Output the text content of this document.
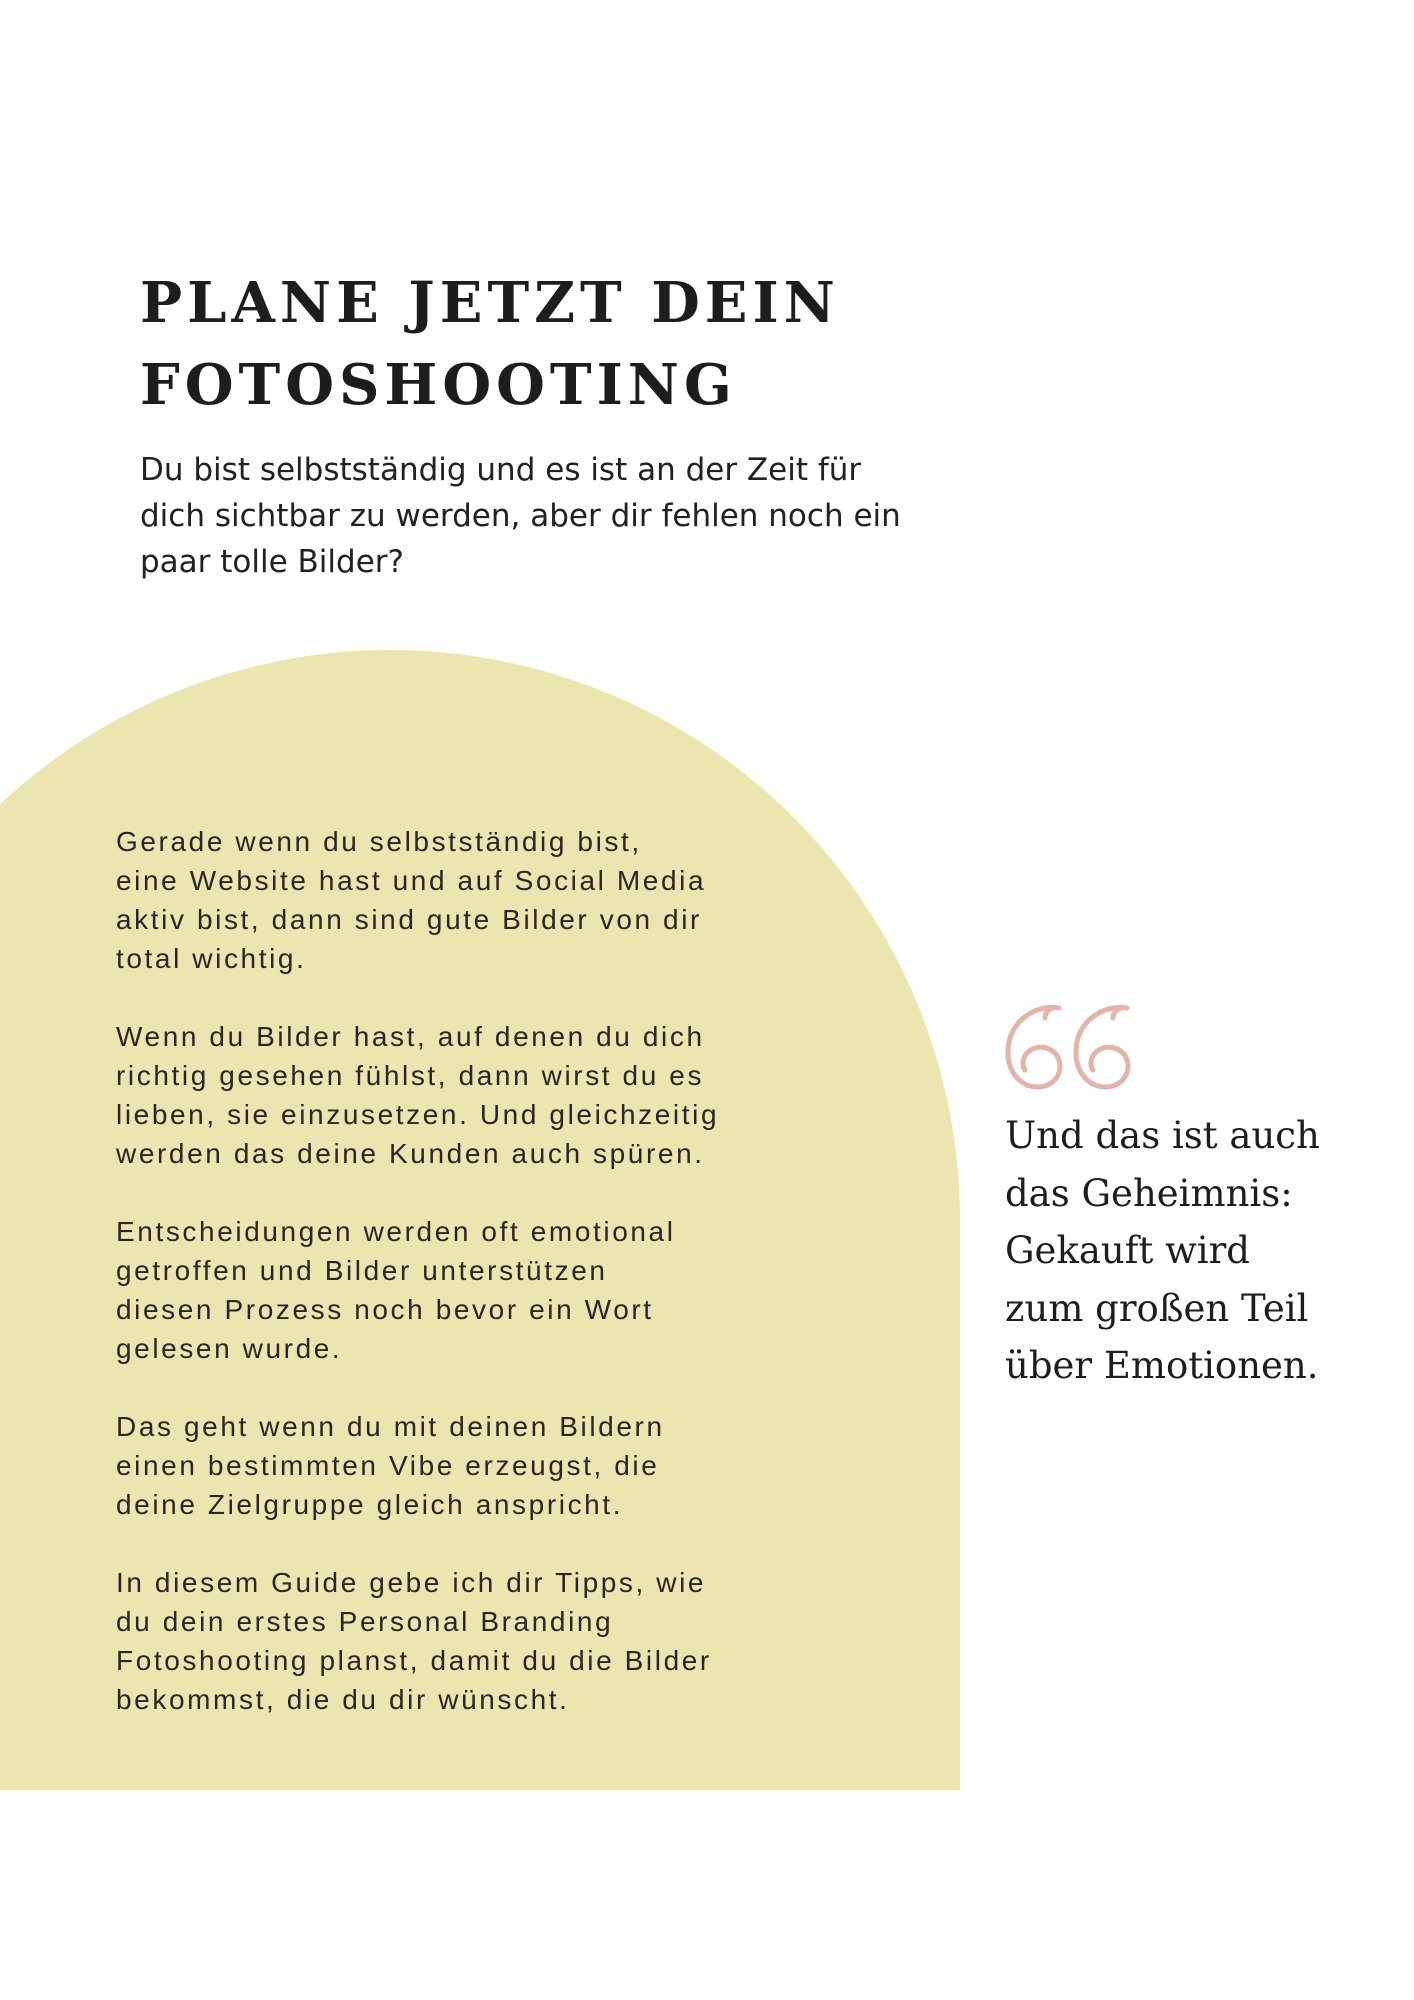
PLANE JETZT DEIN
FOTOSHOOTING

Du bist selbstständig und es ist an der Zeit für
dich sichtbar zu werden, aber dir fehlen noch ein
paar tolle Bilder?

Gerade wenn du selbstständig bist,
eine Website hast und auf Social Media
aktiv bist, dann sind gute Bilder von dir
total wichtig.

Wenn du Bilder hast, auf denen du dich
richtig gesehen fühlst, dann wirst du es
lieben, sie einzusetzen. Und gleichzeitig
werden das deine Kunden auch spüren.

Entscheidungen werden oft emotional
getroffen und Bilder unterstützen
diesen Prozess noch bevor ein Wort
gelesen wurde.

Das geht wenn du mit deinen Bildern
einen bestimmten Vibe erzeugst, die
deine Zielgruppe gleich anspricht.

In diesem Guide gebe ich dir Tipps, wie
du dein erstes Personal Branding
Fotoshooting planst, damit du die Bilder
bekommst, die du dir wünscht.

Und das ist auch
das Geheimnis:
Gekauft wird
zum großen Teil
über Emotionen.
